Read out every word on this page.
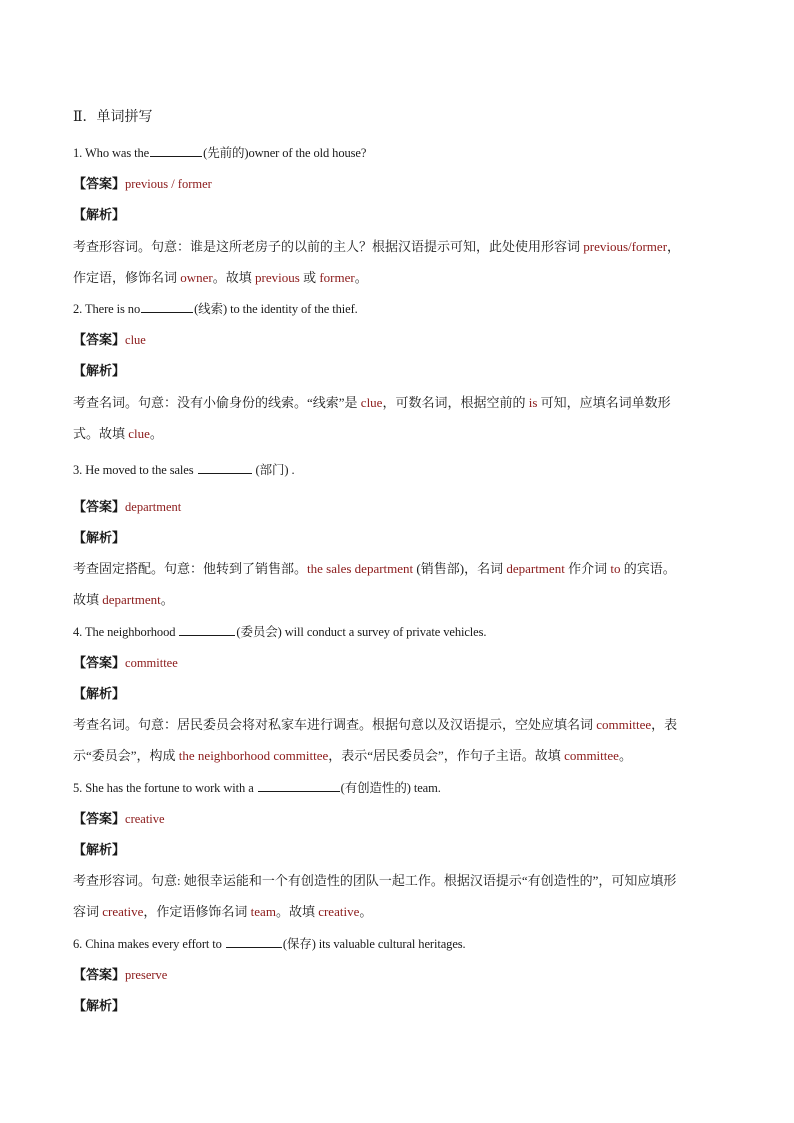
Ⅱ．单词拼写
1. Who was the	(先前的)owner of the old house?
【答案】previous / former
【解析】
考查形容词。句意：谁是这所老房子的以前的主人？根据汉语提示可知，此处使用形容词 previous/former，
作定语，修饰名词 owner。故填 previous 或 former。
2. There is no	(线索) to the identity of the thief.
【答案】clue
【解析】
考查名词。句意：没有小偷身份的线索。“线索”是 clue，可数名词，根据空前的 is 可知，应填名词单数形
式。故填 clue。
3. He moved to the sales	(部门) .
【答案】department
【解析】
考查固定搭配。句意：他转到了销售部。the sales department (销售部)，名词 department 作介词 to 的宾语。
故填 department。
4. The neighborhood	(委员会) will conduct a survey of private vehicles.
【答案】committee
【解析】
考查名词。句意：居民委员会将对私家车进行调查。根据句意以及汉语提示，空处应填名词 committee，表
示“委员会”，构成 the neighborhood committee，表示“居民委员会”，作句子主语。故填 committee。
5. She has the fortune to work with a	(有创造性的) team.
【答案】creative
【解析】
考查形容词。句意: 她很幸运能和一个有创造性的团队一起工作。根据汉语提示“有创造性的”，可知应填形
容词 creative，作定语修饰名词 team。故填 creative。
6. China makes every effort to	(保存) its valuable cultural heritages.
【答案】preserve
【解析】
